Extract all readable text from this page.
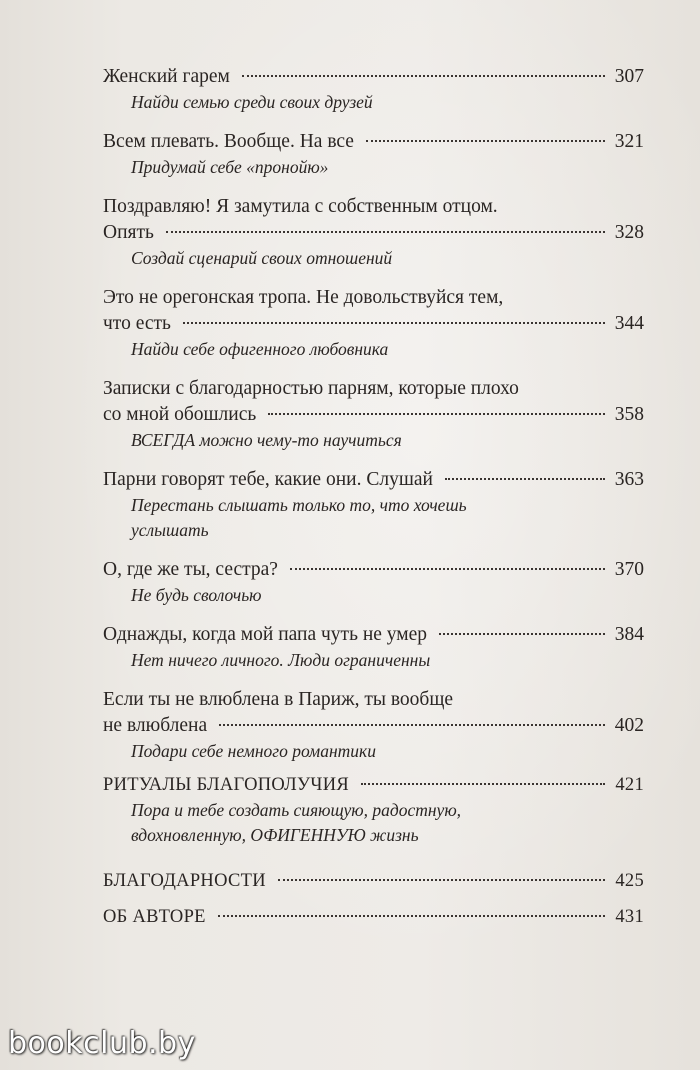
Женский гарем	307
Найди семью среди своих друзей
Всем плевать. Вообще. На все	321
Придумай себе «пронойю»
Поздравляю! Я замутила с собственным отцом.
Опять	328
Создай сценарий своих отношений
Это не орегонская тропа. Не довольствуйся тем,
что есть	344
Найди себе офигенного любовника
Записки с благодарностью парням, которые плохо
со мной обошлись	358
ВСЕГДА можно чему-то научиться
Парни говорят тебе, какие они. Слушай	363
Перестань слышать только то, что хочешь
услышать
О, где же ты, сестра?	370
Не будь сволочью
Однажды, когда мой папа чуть не умер	384
Нет ничего личного. Люди ограниченны
Если ты не влюблена в Париж, ты вообще
не влюблена	402
Подари себе немного романтики
РИТУАЛЫ БЛАГОПОЛУЧИЯ	421
Пора и тебе создать сияющую, радостную,
вдохновленную, ОФИГЕННУЮ жизнь
БЛАГОДАРНОСТИ	425
ОБ АВТОРЕ	431
bookclub.by
